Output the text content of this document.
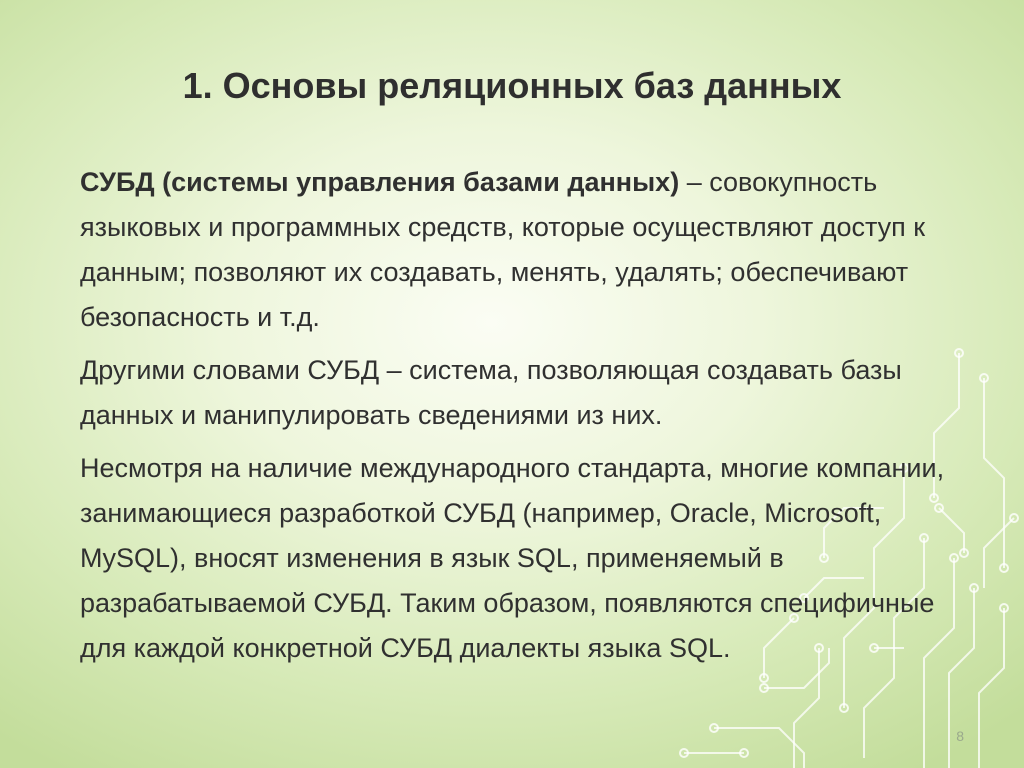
1. Основы реляционных баз данных

СУБД (системы управления базами данных) – совокупность языковых и программных средств, которые осуществляют доступ к данным; позволяют их создавать, менять, удалять; обеспечивают безопасность и т.д.

Другими словами СУБД – система, позволяющая создавать базы данных и манипулировать сведениями из них.

Несмотря на наличие международного стандарта, многие компании, занимающиеся разработкой СУБД (например, Oracle, Microsoft, MySQL), вносят изменения в язык SQL, применяемый в разрабатываемой СУБД. Таким образом, появляются специфичные для каждой конкретной СУБД диалекты языка SQL.

8
